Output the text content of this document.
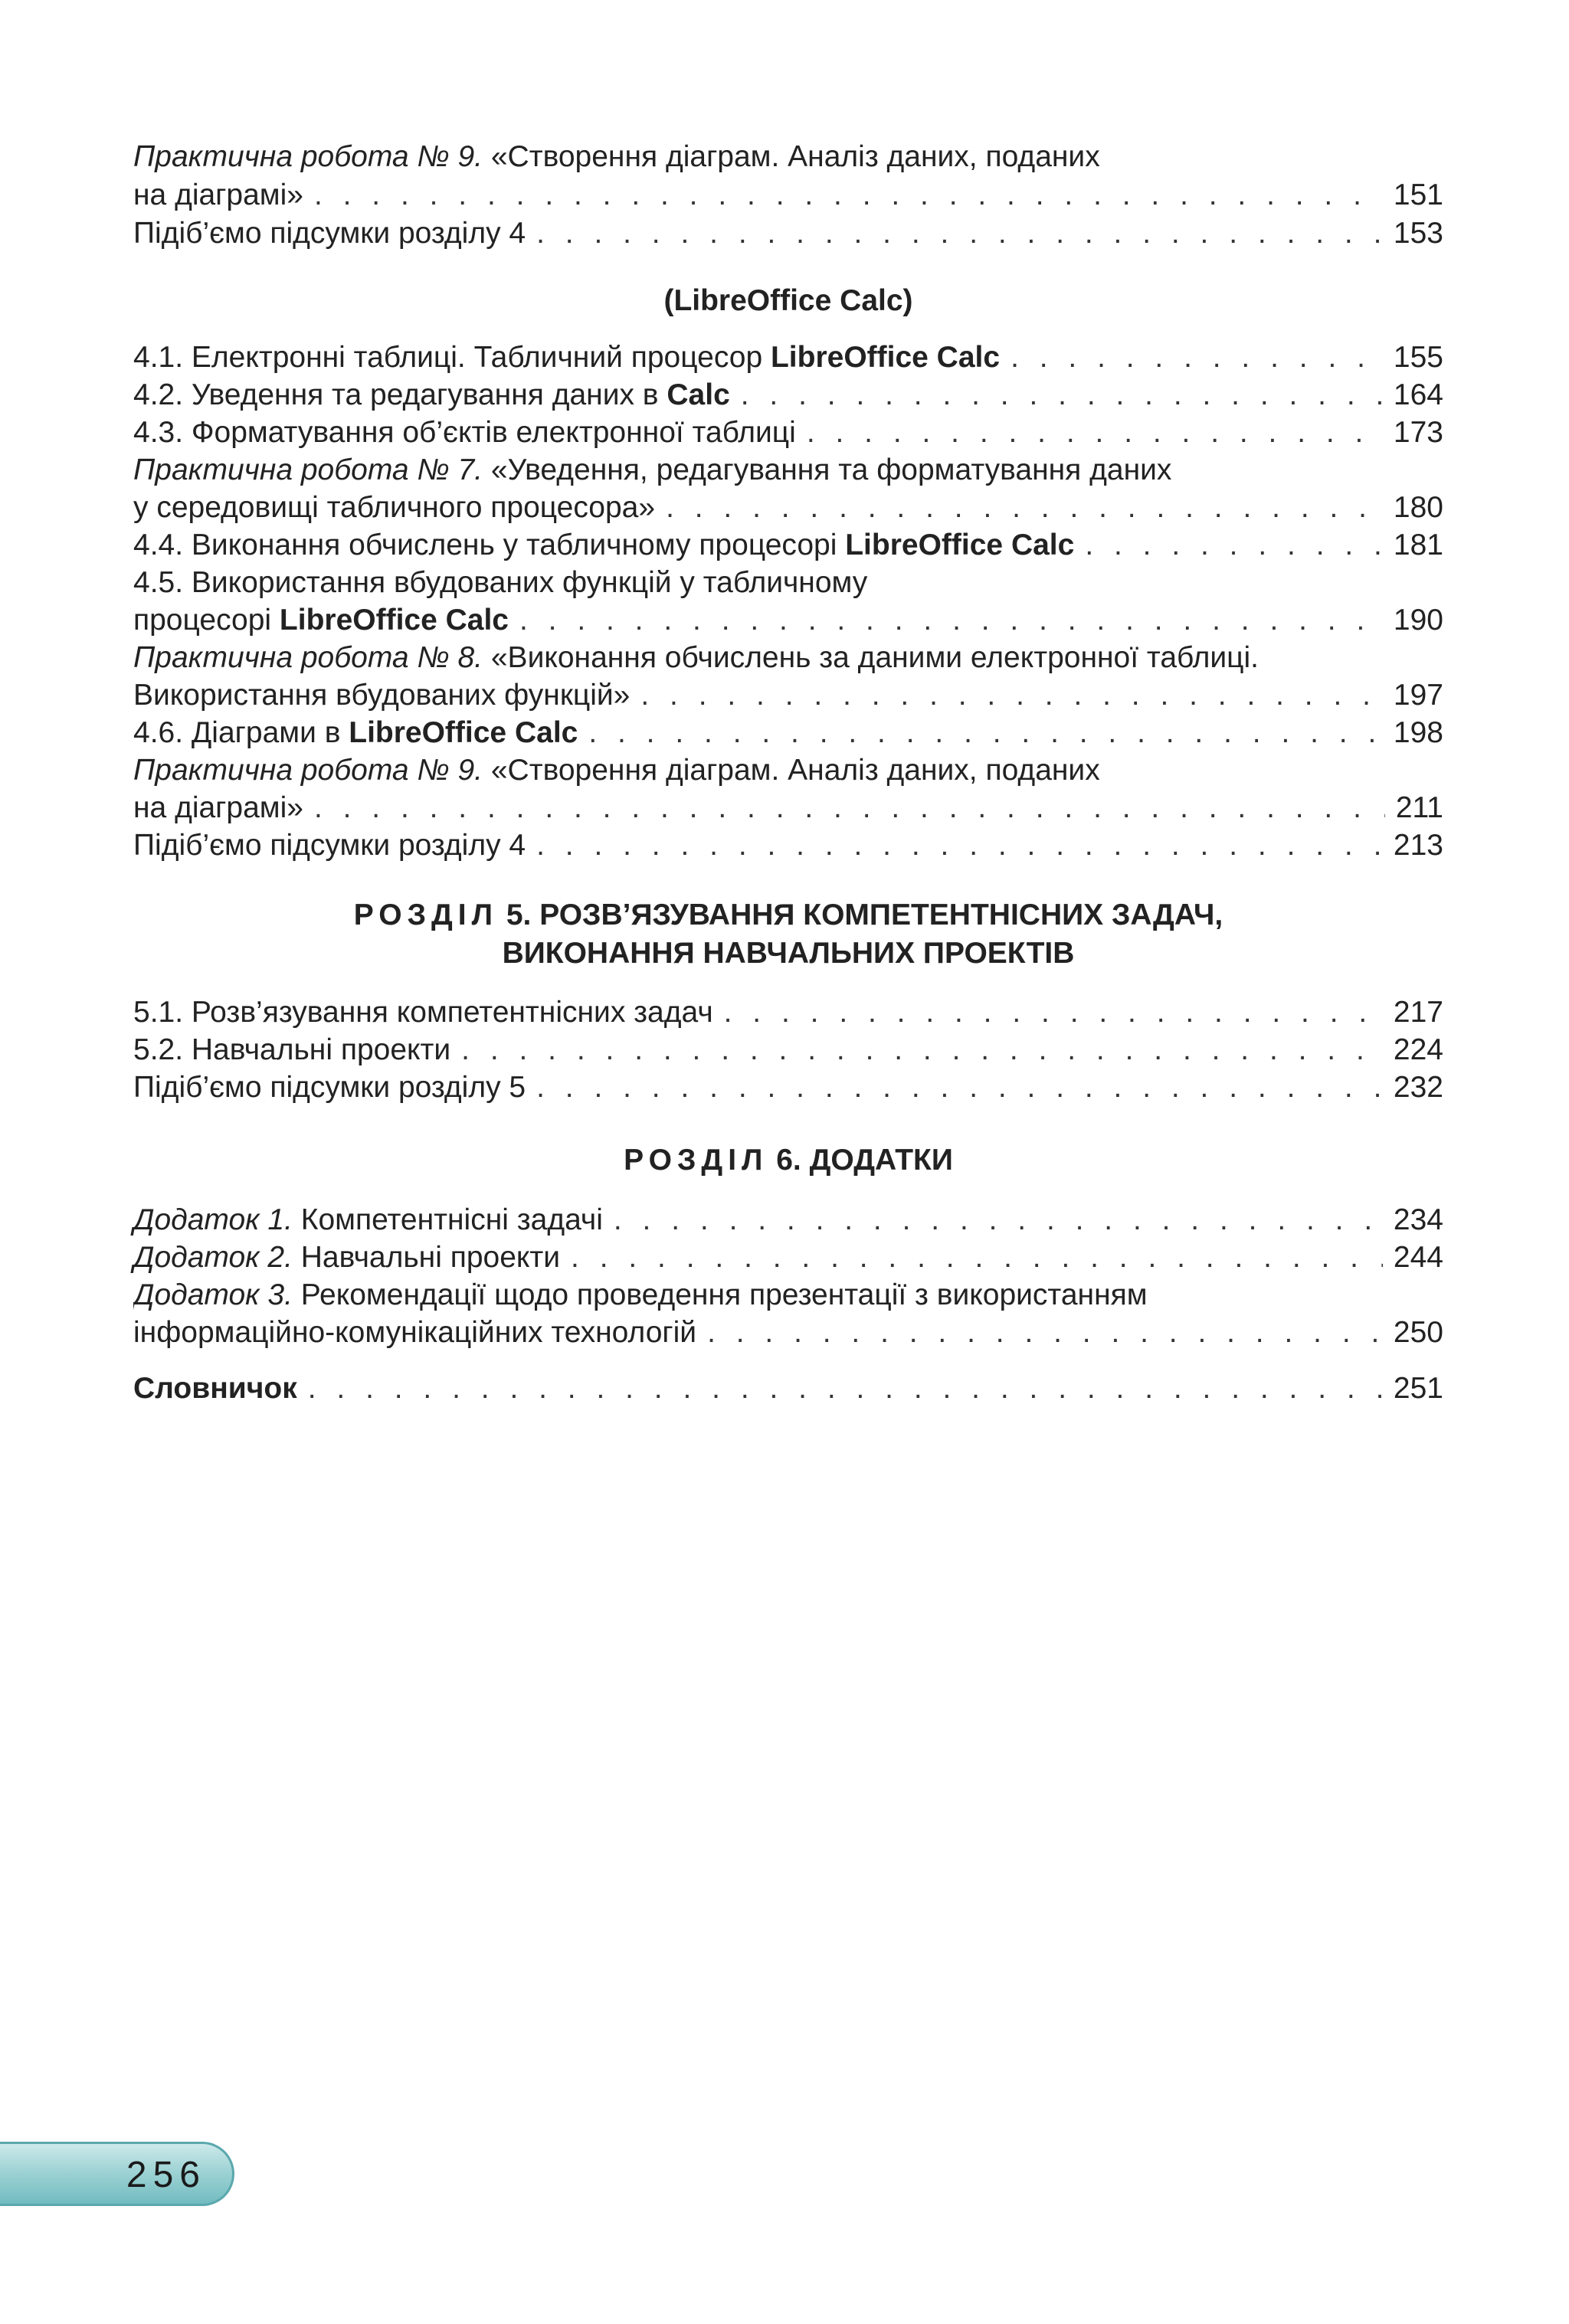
Практична робота № 9. «Створення діаграм. Аналіз даних, поданих
на діаграмі» . . .	151
Підіб’ємо підсумки розділу 4 . . .	153
(LibreOffice Calc)
4.1. Електронні таблиці. Табличний процесор LibreOffice Calc . . .	155
4.2. Уведення та редагування даних в Calc . . .	164
4.3. Форматування об’єктів електронної таблиці . . .	173
Практична робота № 7. «Уведення, редагування та форматування даних
у середовищі табличного процесора» . . .	180
4.4. Виконання обчислень у табличному процесорі LibreOffice Calc . . .	181
4.5. Використання вбудованих функцій у табличному
процесорі LibreOffice Calc . . .	190
Практична робота № 8. «Виконання обчислень за даними електронної таблиці.
Використання вбудованих функцій» . . .	197
4.6. Діаграми в LibreOffice Calc . . .	198
Практична робота № 9. «Створення діаграм. Аналіз даних, поданих
на діаграмі» . . .	211
Підіб’ємо підсумки розділу 4 . . .	213
РОЗДІЛ 5. РОЗВ’ЯЗУВАННЯ КОМПЕТЕНТНІСНИХ ЗАДАЧ,
ВИКОНАННЯ НАВЧАЛЬНИХ ПРОЕКТІВ
5.1. Розв’язування компетентнісних задач . . .	217
5.2. Навчальні проекти . . .	224
Підіб’ємо підсумки розділу 5 . . .	232
РОЗДІЛ 6. ДОДАТКИ
Додаток 1. Компетентнісні задачі . . .	234
Додаток 2. Навчальні проекти . . .	244
Додаток 3. Рекомендації щодо проведення презентації з використанням
інформаційно-комунікаційних технологій . . .	250
Словничок . . .	251
256
